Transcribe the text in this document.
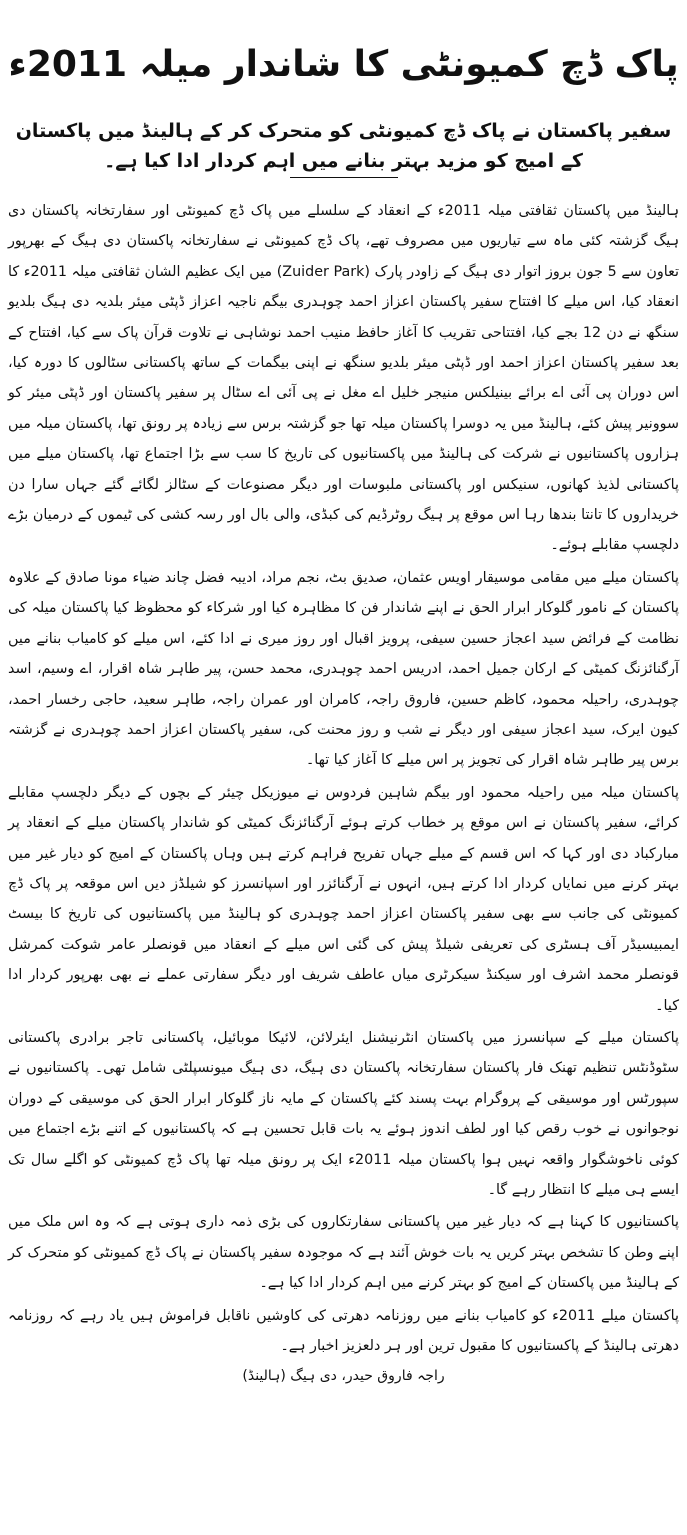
پاک ڈچ کمیونٹی کا شاندار میلہ 2011ء
سفیر پاکستان نے پاک ڈچ کمیونٹی کو متحرک کر کے ہالینڈ میں پاکستان کے امیج کو مزید بہتر بنانے میں اہم کردار ادا کیا ہے۔

ہالینڈ میں پاکستان ثقافتی میلہ 2011ء کے انعقاد کے سلسلے میں پاک ڈچ کمیونٹی اور سفارتخانہ پاکستان دی ہیگ گزشتہ کئی ماہ سے تیاریوں میں مصروف تھے، پاک ڈچ کمیونٹی نے سفارتخانہ پاکستان دی ہیگ کے بھرپور تعاون سے 5 جون بروز اتوار دی ہیگ کے زاودر پارک (Zuider Park) میں ایک عظیم الشان ثقافتی میلہ 2011ء کا انعقاد کیا، اس میلے کا افتتاح سفیر پاکستان اعزاز احمد چوہدری بیگم ناجیہ اعزاز ڈپٹی میئر بلدیہ دی ہیگ بلدیو سنگھ نے دن 12 بجے کیا، افتتاحی تقریب کا آغاز حافظ منیب احمد نوشاہی نے تلاوت قرآن پاک سے کیا، افتتاح کے بعد سفیر پاکستان اعزاز احمد اور ڈپٹی میئر بلدیو سنگھ نے اپنی بیگمات کے ساتھ پاکستانی سٹالوں کا دورہ کیا، اس دوران پی آئی اے برائے بینیلکس منیجر خلیل اے مغل نے پی آئی اے سٹال پر سفیر پاکستان اور ڈپٹی میئر کو سوونیر پیش کئے، ہالینڈ میں یہ دوسرا پاکستان میلہ تھا جو گزشتہ برس سے زیادہ پر رونق تھا، پاکستان میلہ میں ہزاروں پاکستانیوں نے شرکت کی ہالینڈ میں پاکستانیوں کی تاریخ کا سب سے بڑا اجتماع تھا، پاکستان میلے میں پاکستانی لذیذ کھانوں، سنیکس اور پاکستانی ملبوسات اور دیگر مصنوعات کے سٹالز لگائے گئے جہاں سارا دن خریداروں کا تانتا بندھا رہا اس موقع پر ہیگ روٹرڈیم کی کبڈی، والی بال اور رسہ کشی کی ٹیموں کے درمیان بڑے دلچسپ مقابلے ہوئے۔

پاکستان میلے میں مقامی موسیقار اویس عثمان، صدیق بٹ، نجم مراد، ادیبہ فضل چاند ضیاء مونا صادق کے علاوہ پاکستان کے نامور گلوکار ابرار الحق نے اپنے شاندار فن کا مظاہرہ کیا اور شرکاء کو محظوظ کیا پاکستان میلہ کی نظامت کے فرائض سید اعجاز حسین سیفی، پرویز اقبال اور روز میری نے ادا کئے، اس میلے کو کامیاب بنانے میں آرگنائزنگ کمیٹی کے ارکان جمیل احمد، ادریس احمد چوہدری، محمد حسن، پیر طاہر شاہ اقرار، اے وسیم، اسد چوہدری، راحیلہ محمود، کاظم حسین، فاروق راجہ، کامران اور عمران راجہ، طاہر سعید، حاجی رخسار احمد، کیون ایرک، سید اعجاز سیفی اور دیگر نے شب و روز محنت کی، سفیر پاکستان اعزاز احمد چوہدری نے گزشتہ برس پیر طاہر شاہ اقرار کی تجویز پر اس میلے کا آغاز کیا تھا۔

پاکستان میلہ میں راحیلہ محمود اور بیگم شاہین فردوس نے میوزیکل چیئر کے بچوں کے دیگر دلچسپ مقابلے کرائے، سفیر پاکستان نے اس موقع پر خطاب کرتے ہوئے آرگنائزنگ کمیٹی کو شاندار پاکستان میلے کے انعقاد پر مبارکباد دی اور کہا کہ اس قسم کے میلے جہاں تفریح فراہم کرتے ہیں وہاں پاکستان کے امیج کو دیار غیر میں بہتر کرنے میں نمایاں کردار ادا کرتے ہیں، انہوں نے آرگنائزر اور اسپانسرز کو شیلڈز دیں اس موقعہ پر پاک ڈچ کمیونٹی کی جانب سے بھی سفیر پاکستان اعزاز احمد چوہدری کو ہالینڈ میں پاکستانیوں کی تاریخ کا بیسٹ ایمبیسیڈر آف ہسٹری کی تعریفی شیلڈ پیش کی گئی اس میلے کے انعقاد میں قونصلر عامر شوکت کمرشل قونصلر محمد اشرف اور سیکنڈ سیکرٹری میاں عاطف شریف اور دیگر سفارتی عملے نے بھی بھرپور کردار ادا کیا۔

پاکستان میلے کے سپانسرز میں پاکستان انٹرنیشنل ایئرلائن، لائیکا موبائیل، پاکستانی تاجر برادری پاکستانی سٹوڈنٹس تنظیم تھنک فار پاکستان سفارتخانہ پاکستان دی ہیگ، دی ہیگ میونسپلٹی شامل تھی۔ پاکستانیوں نے سپورٹس اور موسیقی کے پروگرام بہت پسند کئے پاکستان کے مایہ ناز گلوکار ابرار الحق کی موسیقی کے دوران نوجوانوں نے خوب رقص کیا اور لطف اندوز ہوئے یہ بات قابل تحسین ہے کہ پاکستانیوں کے اتنے بڑے اجتماع میں کوئی ناخوشگوار واقعہ نہیں ہوا پاکستان میلہ 2011ء ایک پر رونق میلہ تھا پاک ڈچ کمیونٹی کو اگلے سال تک ایسے ہی میلے کا انتظار رہے گا۔

پاکستانیوں کا کہنا ہے کہ دیار غیر میں پاکستانی سفارتکاروں کی بڑی ذمہ داری ہوتی ہے کہ وہ اس ملک میں اپنے وطن کا تشخص بہتر کریں یہ بات خوش آئند ہے کہ موجودہ سفیر پاکستان نے پاک ڈچ کمیونٹی کو متحرک کر کے ہالینڈ میں پاکستان کے امیج کو بہتر کرنے میں اہم کردار ادا کیا ہے۔

پاکستان میلے 2011ء کو کامیاب بنانے میں روزنامہ دھرتی کی کاوشیں ناقابل فراموش ہیں یاد رہے کہ روزنامہ دھرتی ہالینڈ کے پاکستانیوں کا مقبول ترین اور ہر دلعزیز اخبار ہے۔

راجہ فاروق حیدر، دی ہیگ (ہالینڈ)
